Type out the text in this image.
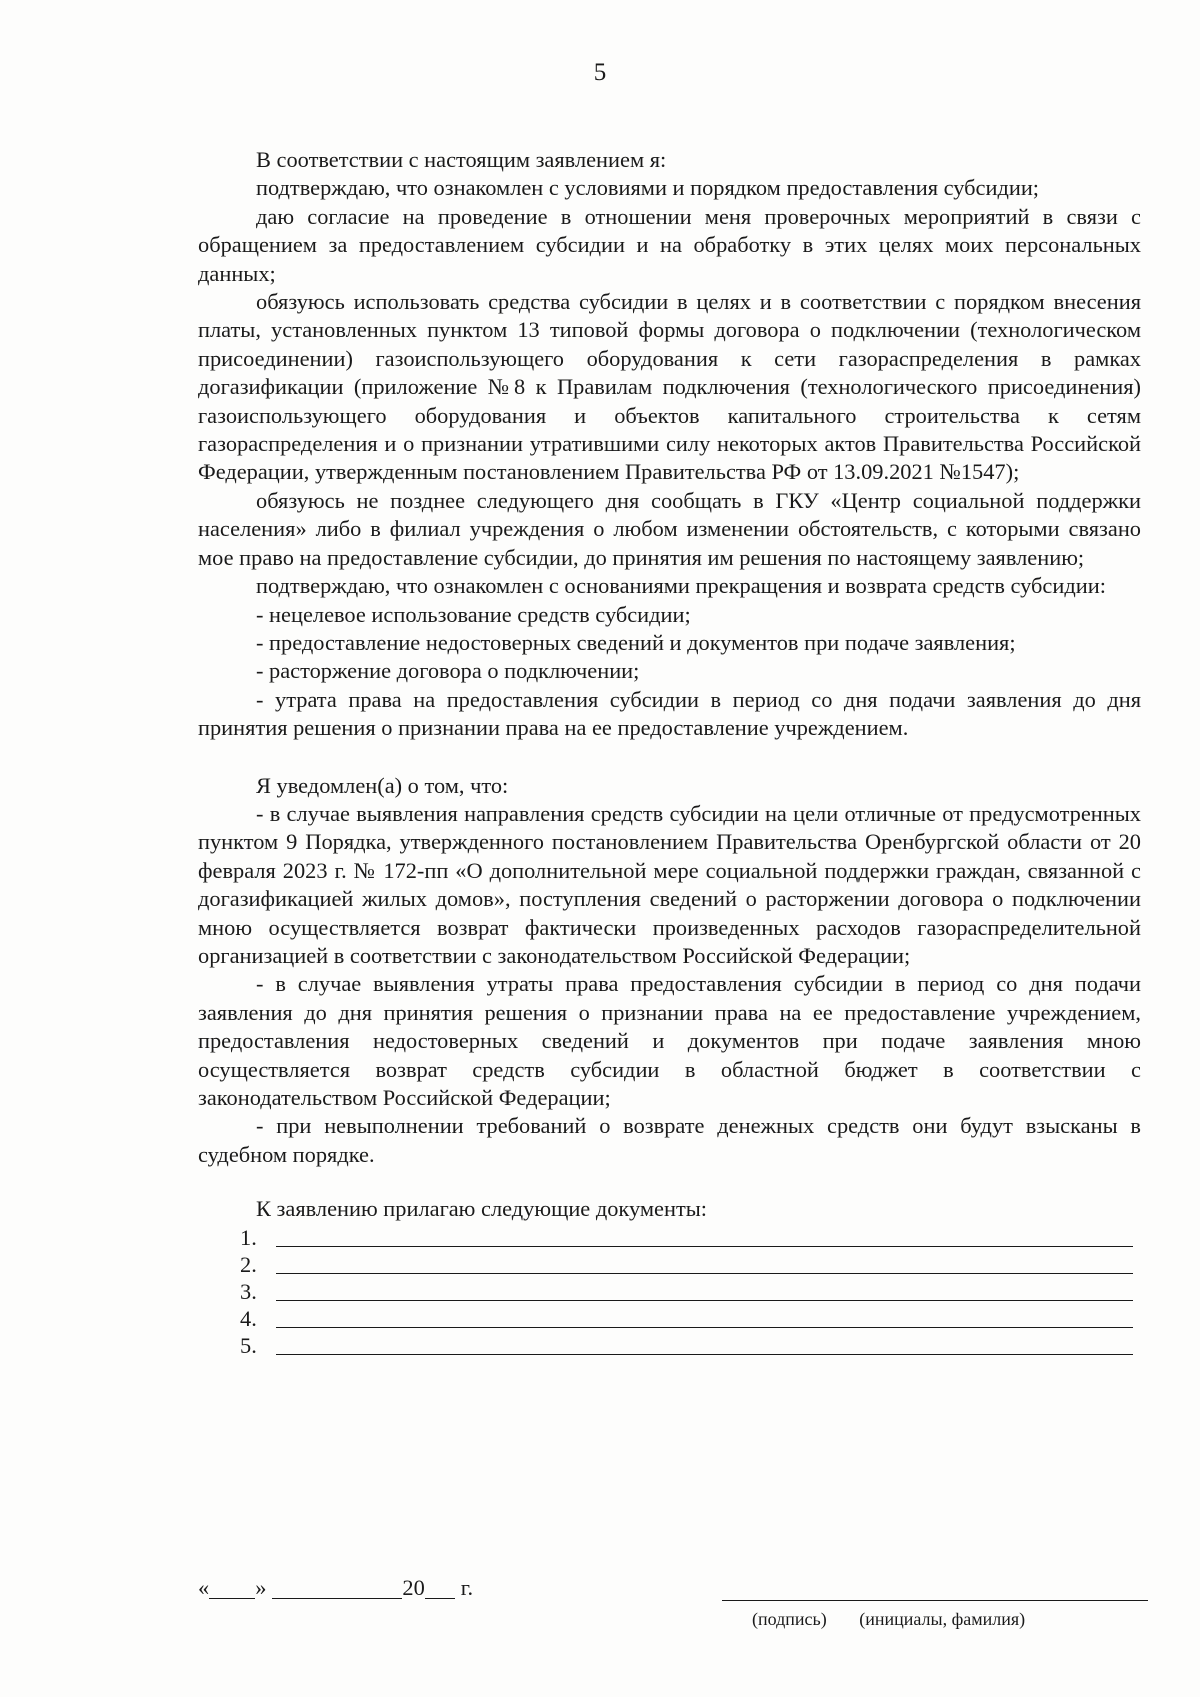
5

В соответствии с настоящим заявлением я:

подтверждаю, что ознакомлен с условиями и порядком предоставления субсидии;

даю согласие на проведение в отношении меня проверочных мероприятий в связи с обращением за предоставлением субсидии и на обработку в этих целях моих персональных данных;

обязуюсь использовать средства субсидии в целях и в соответствии с порядком внесения платы, установленных пунктом 13 типовой формы договора о подключении (технологическом присоединении) газоиспользующего оборудования к сети газораспределения в рамках догазификации (приложение №8 к Правилам подключения (технологического присоединения) газоиспользующего оборудования и объектов капитального строительства к сетям газораспределения и о признании утратившими силу некоторых актов Правительства Российской Федерации, утвержденным постановлением Правительства РФ от 13.09.2021 №1547);

обязуюсь не позднее следующего дня сообщать в ГКУ «Центр социальной поддержки населения» либо в филиал учреждения о любом изменении обстоятельств, с которыми связано мое право на предоставление субсидии, до принятия им решения по настоящему заявлению;

подтверждаю, что ознакомлен с основаниями прекращения и возврата средств субсидии:

- нецелевое использование средств субсидии;

- предоставление недостоверных сведений и документов при подаче заявления;

- расторжение договора о подключении;

- утрата права на предоставления субсидии в период со дня подачи заявления до дня принятия решения о признании права на ее предоставление учреждением.

Я уведомлен(а) о том, что:

- в случае выявления направления средств субсидии на цели отличные от предусмотренных пунктом 9 Порядка, утвержденного постановлением Правительства Оренбургской области от 20 февраля 2023 г. № 172-пп «О дополнительной мере социальной поддержки граждан, связанной с догазификацией жилых домов», поступления сведений о расторжении договора о подключении мною осуществляется возврат фактически произведенных расходов газораспределительной организацией в соответствии с законодательством Российской Федерации;

- в случае выявления утраты права предоставления субсидии в период со дня подачи заявления до дня принятия решения о признании права на ее предоставление учреждением, предоставления недостоверных сведений и документов при подаче заявления мною осуществляется возврат средств субсидии в областной бюджет в соответствии с законодательством Российской Федерации;

- при невыполнении требований о возврате денежных средств они будут взысканы в судебном порядке.

К заявлению прилагаю следующие документы:

1.
2.
3.
4.
5.
« »	20 г.
(подпись) (инициалы, фамилия)
